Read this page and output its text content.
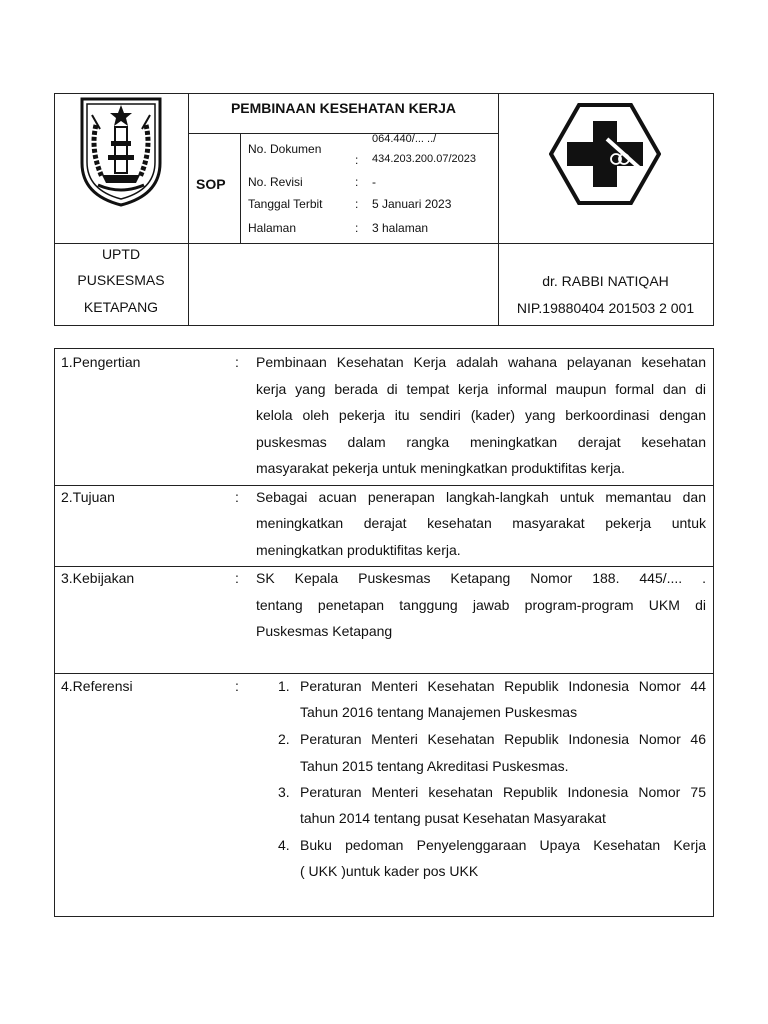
PEMBINAAN KESEHATAN KERJA
SOP
No. Dokumen
:
064.440/... ../
434.203.200.07/2023
No. Revisi	: -
Tanggal Terbit	: 5 Januari 2023
Halaman	: 3 halaman
UPTD
PUSKESMAS
KETAPANG
dr. RABBI NATIQAH
NIP.19880404 201503 2 001
1.Pengertian	: Pembinaan Kesehatan Kerja adalah wahana pelayanan kesehatan
kerja yang berada di tempat kerja informal maupun formal dan di
kelola oleh pekerja itu sendiri (kader) yang berkoordinasi dengan
puskesmas dalam rangka meningkatkan derajat kesehatan
masyarakat pekerja untuk meningkatkan produktifitas kerja.
2.Tujuan	: Sebagai acuan penerapan langkah-langkah untuk memantau dan
meningkatkan derajat kesehatan masyarakat pekerja untuk
meningkatkan produktifitas kerja.
3.Kebijakan	: SK Kepala Puskesmas Ketapang Nomor 188. 445/.... .
tentang penetapan tanggung jawab program-program UKM di
Puskesmas Ketapang
4.Referensi	:	1. Peraturan Menteri Kesehatan Republik Indonesia Nomor 44
Tahun 2016 tentang Manajemen Puskesmas
2. Peraturan Menteri Kesehatan Republik Indonesia Nomor 46
Tahun 2015 tentang Akreditasi Puskesmas.
3. Peraturan Menteri kesehatan Republik Indonesia Nomor 75
tahun 2014 tentang pusat Kesehatan Masyarakat
4. Buku pedoman Penyelenggaraan Upaya Kesehatan Kerja
( UKK )untuk kader pos UKK
